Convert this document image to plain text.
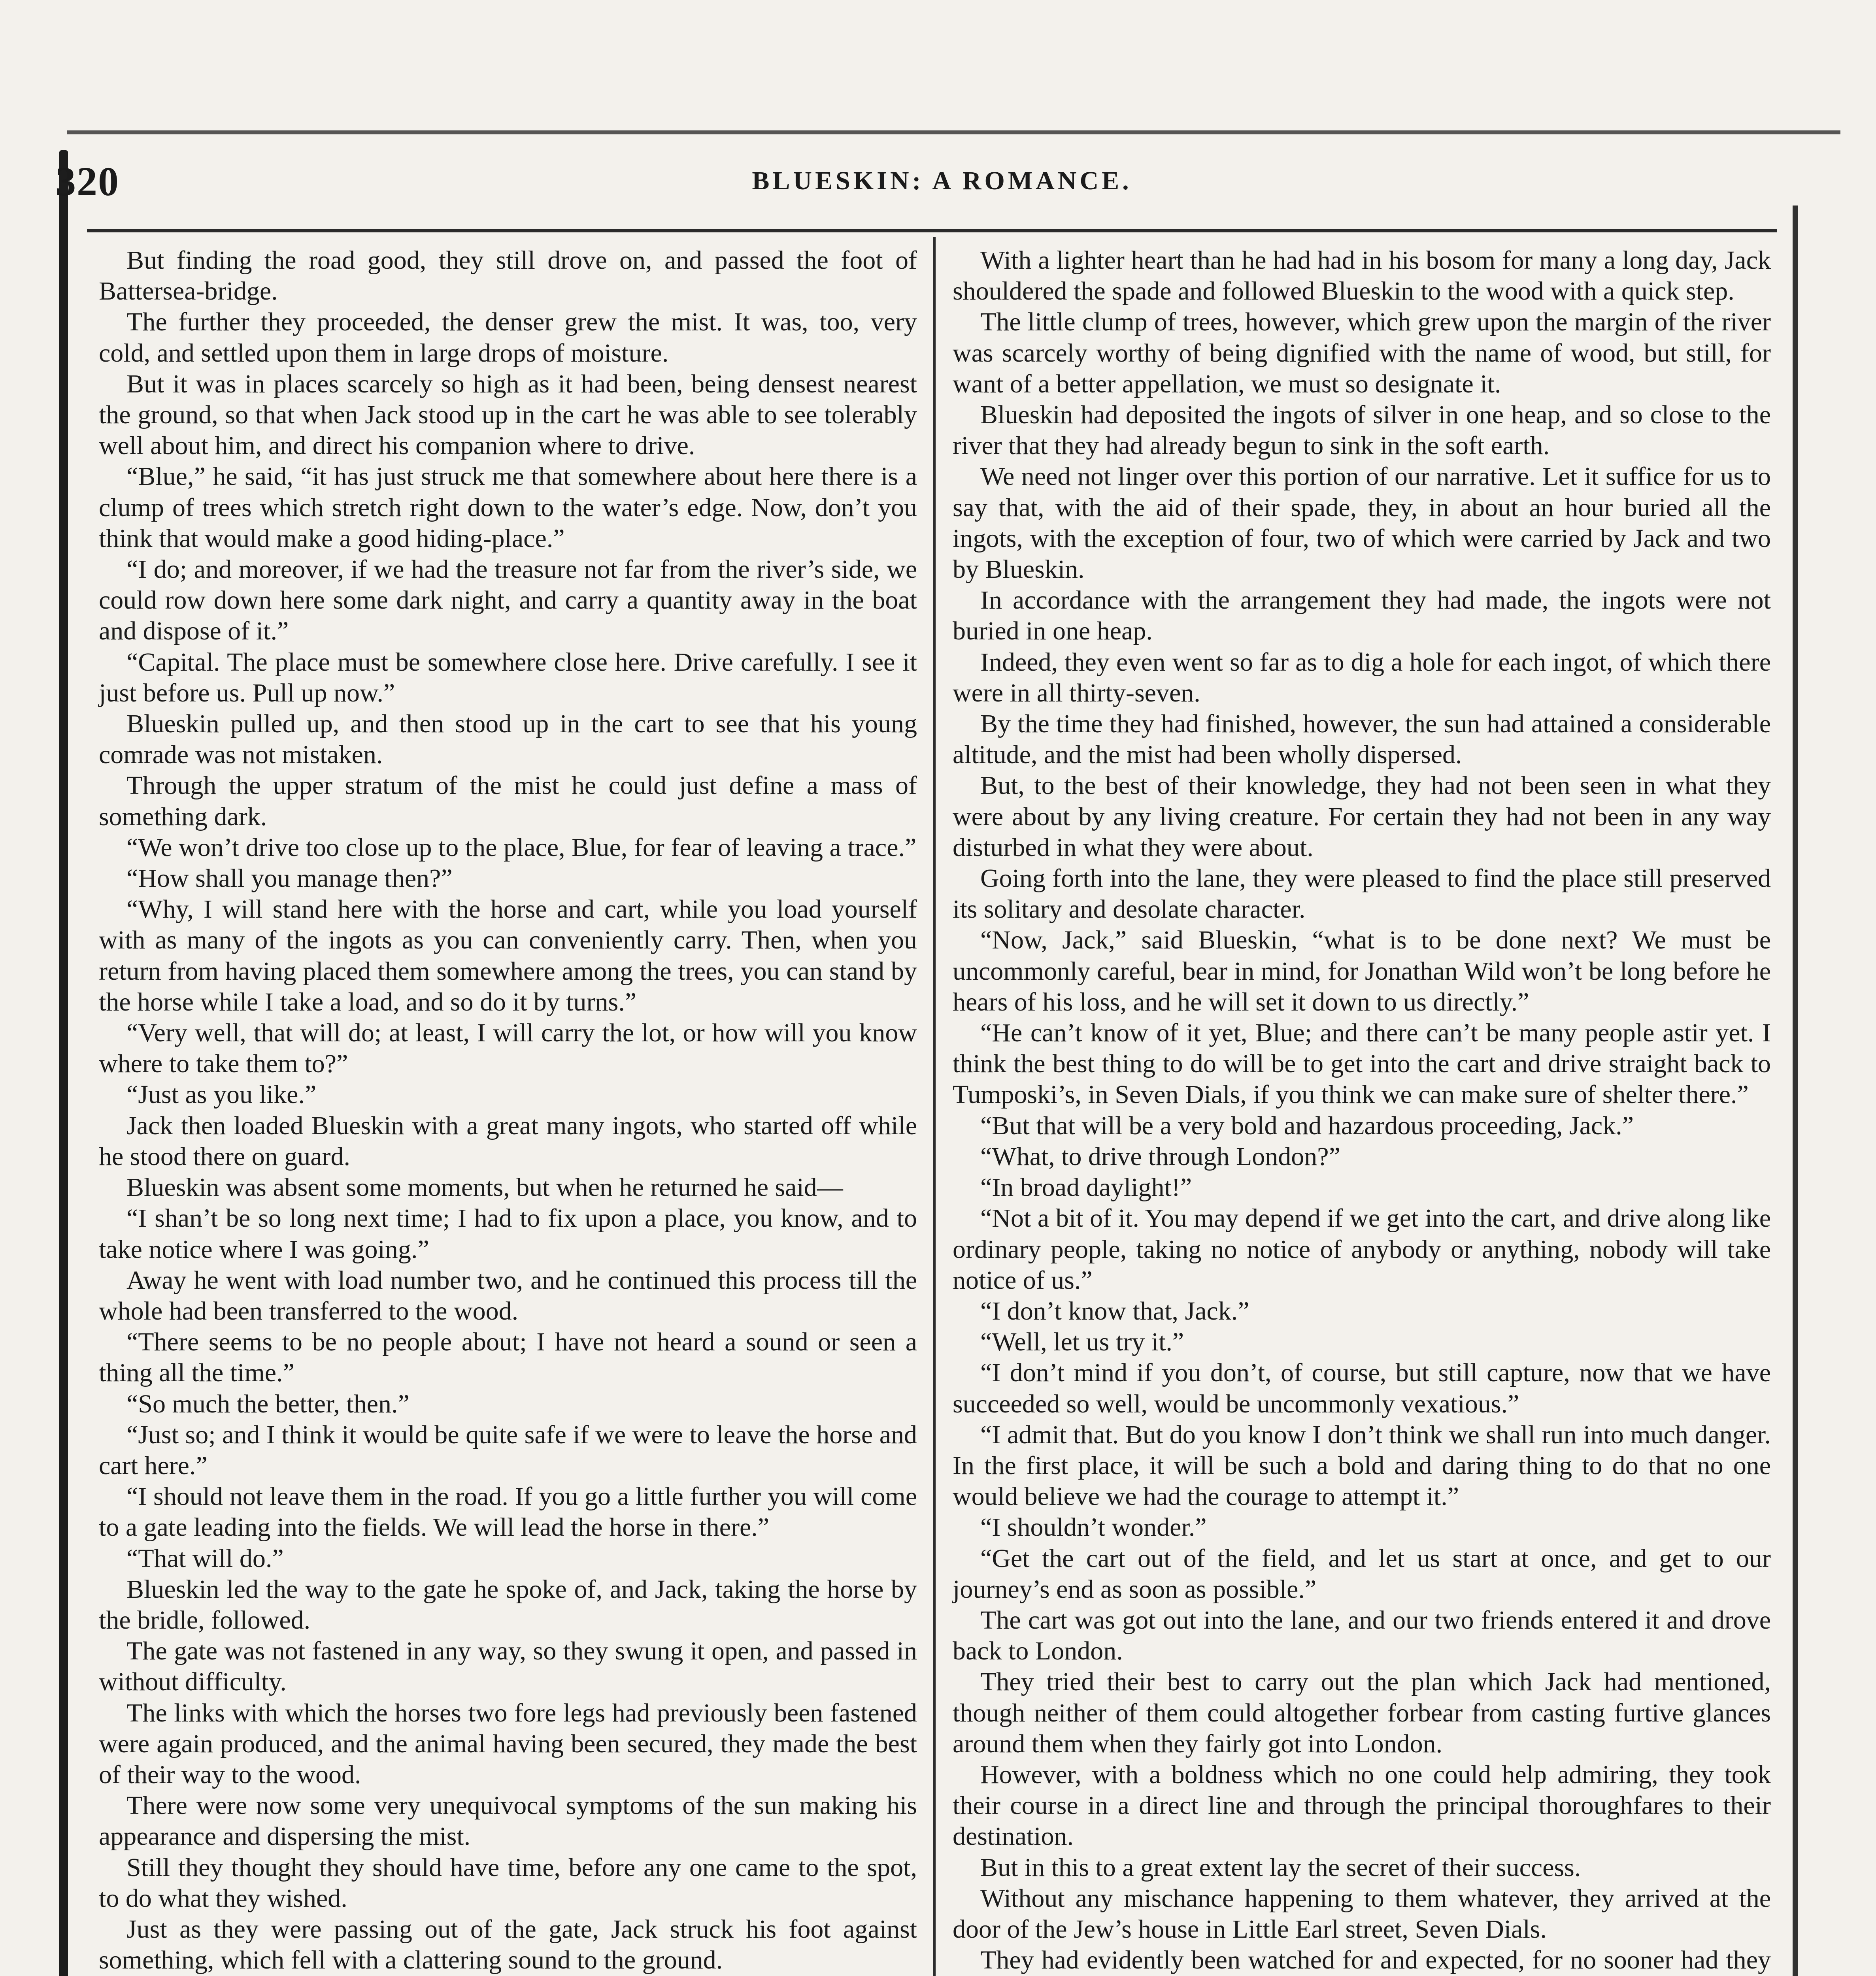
320	BLUESKIN: A ROMANCE.

But finding the road good, they still drove on, and passed the foot of Battersea-bridge.

The further they proceeded, the denser grew the mist. It was, too, very cold, and settled upon them in large drops of moisture.

But it was in places scarcely so high as it had been, being densest nearest the ground, so that when Jack stood up in the cart he was able to see tolerably well about him, and direct his companion where to drive.

“Blue,” he said, “it has just struck me that somewhere about here there is a clump of trees which stretch right down to the water’s edge. Now, don’t you think that would make a good hiding-place.”

“I do; and moreover, if we had the treasure not far from the river’s side, we could row down here some dark night, and carry a quantity away in the boat and dispose of it.”

“Capital. The place must be somewhere close here. Drive carefully. I see it just before us. Pull up now.”

Blueskin pulled up, and then stood up in the cart to see that his young comrade was not mistaken.

Through the upper stratum of the mist he could just define a mass of something dark.

“We won’t drive too close up to the place, Blue, for fear of leaving a trace.”

“How shall you manage then?”

“Why, I will stand here with the horse and cart, while you load yourself with as many of the ingots as you can conveniently carry. Then, when you return from having placed them somewhere among the trees, you can stand by the horse while I take a load, and so do it by turns.”

“Very well, that will do; at least, I will carry the lot, or how will you know where to take them to?”

“Just as you like.”

Jack then loaded Blueskin with a great many ingots, who started off while he stood there on guard.

Blueskin was absent some moments, but when he returned he said—

“I shan’t be so long next time; I had to fix upon a place, you know, and to take notice where I was going.”

Away he went with load number two, and he continued this process till the whole had been transferred to the wood.

“There seems to be no people about; I have not heard a sound or seen a thing all the time.”

“So much the better, then.”

“Just so; and I think it would be quite safe if we were to leave the horse and cart here.”

“I should not leave them in the road. If you go a little further you will come to a gate leading into the fields. We will lead the horse in there.”

“That will do.”

Blueskin led the way to the gate he spoke of, and Jack, taking the horse by the bridle, followed.

The gate was not fastened in any way, so they swung it open, and passed in without difficulty.

The links with which the horses two fore legs had previously been fastened were again produced, and the animal having been secured, they made the best of their way to the wood.

There were now some very unequivocal symptoms of the sun making his appearance and dispersing the mist.

Still they thought they should have time, before any one came to the spot, to do what they wished.

Just as they were passing out of the gate, Jack struck his foot against something, which fell with a clattering sound to the ground.

With a lighter heart than he had had in his bosom for many a long day, Jack shouldered the spade and followed Blueskin to the wood with a quick step.

The little clump of trees, however, which grew upon the margin of the river was scarcely worthy of being dignified with the name of wood, but still, for want of a better appellation, we must so designate it.

Blueskin had deposited the ingots of silver in one heap, and so close to the river that they had already begun to sink in the soft earth.

We need not linger over this portion of our narrative. Let it suffice for us to say that, with the aid of their spade, they, in about an hour buried all the ingots, with the exception of four, two of which were carried by Jack and two by Blueskin.

In accordance with the arrangement they had made, the ingots were not buried in one heap.

Indeed, they even went so far as to dig a hole for each ingot, of which there were in all thirty-seven.

By the time they had finished, however, the sun had attained a considerable altitude, and the mist had been wholly dispersed.

But, to the best of their knowledge, they had not been seen in what they were about by any living creature. For certain they had not been in any way disturbed in what they were about.

Going forth into the lane, they were pleased to find the place still preserved its solitary and desolate character.

“Now, Jack,” said Blueskin, “what is to be done next? We must be uncommonly careful, bear in mind, for Jonathan Wild won’t be long before he hears of his loss, and he will set it down to us directly.”

“He can’t know of it yet, Blue; and there can’t be many people astir yet. I think the best thing to do will be to get into the cart and drive straight back to Tumposki’s, in Seven Dials, if you think we can make sure of shelter there.”

“But that will be a very bold and hazardous proceeding, Jack.”

“What, to drive through London?”

“In broad daylight!”

“Not a bit of it. You may depend if we get into the cart, and drive along like ordinary people, taking no notice of anybody or anything, nobody will take notice of us.”

“I don’t know that, Jack.”

“Well, let us try it.”

“I don’t mind if you don’t, of course, but still capture, now that we have succeeded so well, would be uncommonly vexatious.”

“I admit that. But do you know I don’t think we shall run into much danger. In the first place, it will be such a bold and daring thing to do that no one would believe we had the courage to attempt it.”

“I shouldn’t wonder.”

“Get the cart out of the field, and let us start at once, and get to our journey’s end as soon as possible.”

The cart was got out into the lane, and our two friends entered it and drove back to London.

They tried their best to carry out the plan which Jack had mentioned, though neither of them could altogether forbear from casting furtive glances around them when they fairly got into London.

However, with a boldness which no one could help admiring, they took their course in a direct line and through the principal thoroughfares to their destination.

But in this to a great extent lay the secret of their success.

Without any mischance happening to them whatever, they arrived at the door of the Jew’s house in Little Earl street, Seven Dials.

They had evidently been watched for and expected, for no sooner had they
